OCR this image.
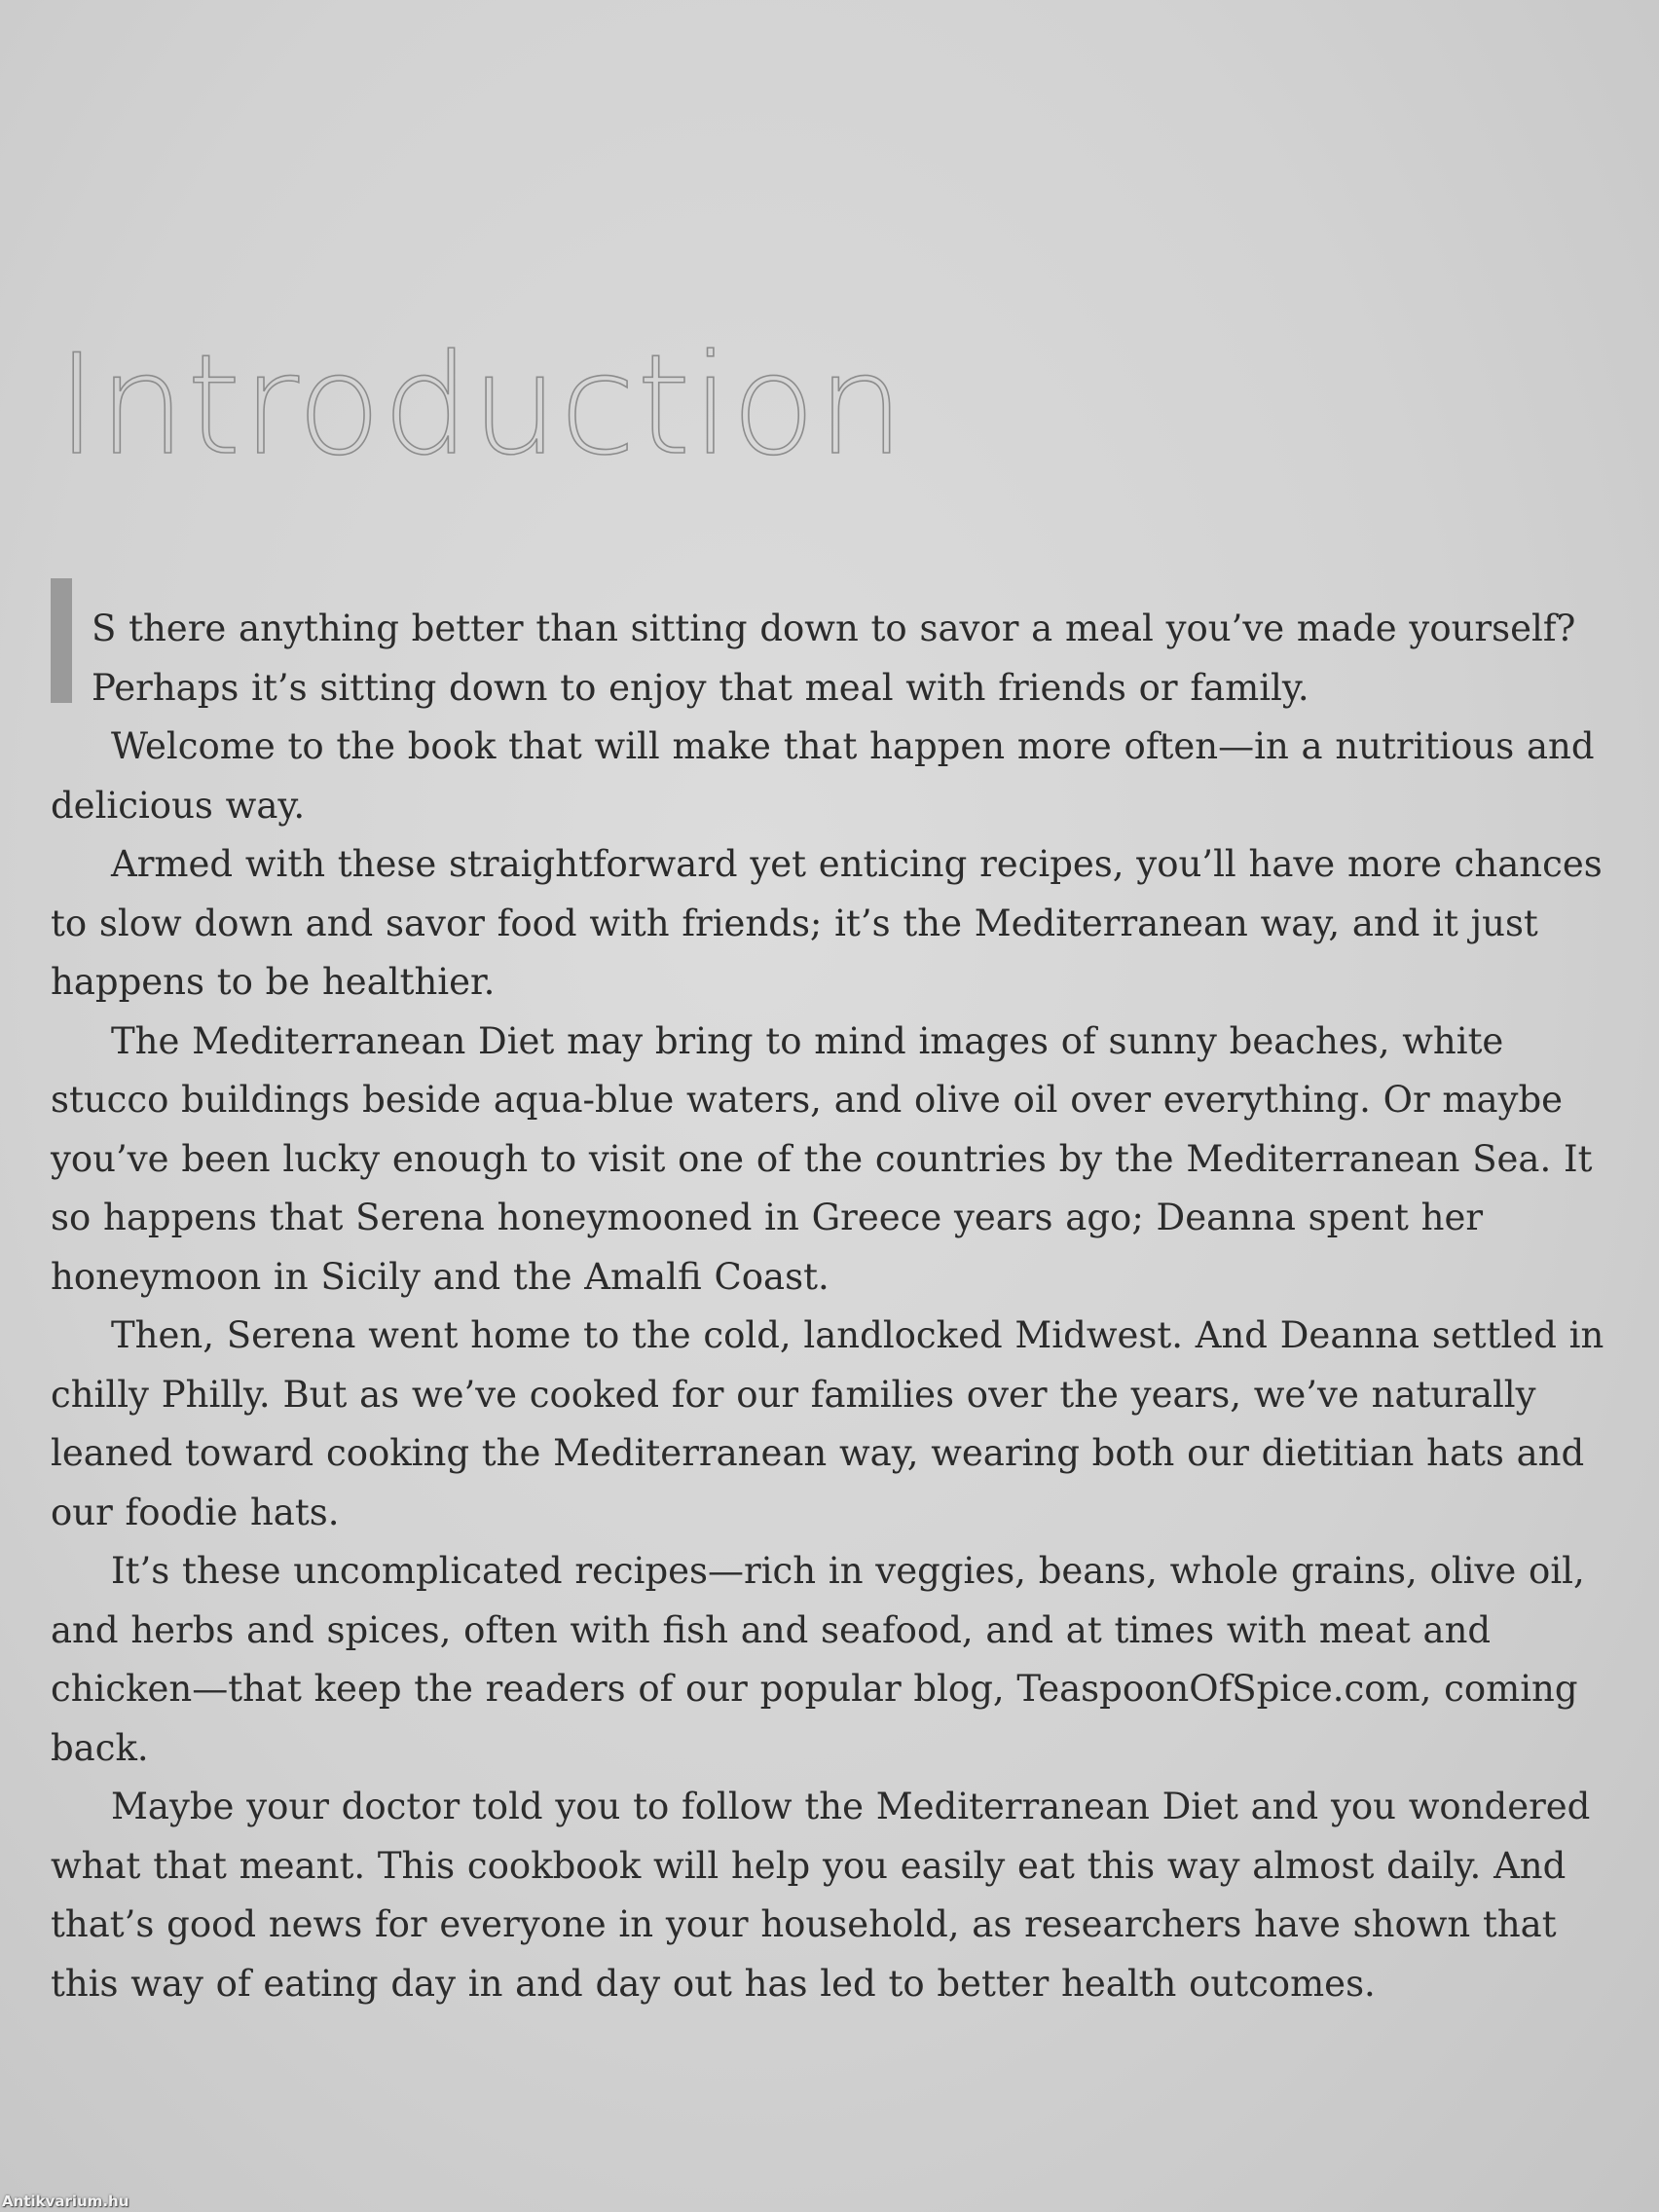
Introduction

S there anything better than sitting down to savor a meal you’ve made yourself? Perhaps it’s sitting down to enjoy that meal with friends or family.

Welcome to the book that will make that happen more often—in a nutritious and delicious way.

Armed with these straightforward yet enticing recipes, you’ll have more chances to slow down and savor food with friends; it’s the Mediterranean way, and it just happens to be healthier.

The Mediterranean Diet may bring to mind images of sunny beaches, white stucco buildings beside aqua-blue waters, and olive oil over everything. Or maybe you’ve been lucky enough to visit one of the countries by the Mediterranean Sea. It so happens that Serena honeymooned in Greece years ago; Deanna spent her honeymoon in Sicily and the Amalfi Coast.

Then, Serena went home to the cold, landlocked Midwest. And Deanna settled in chilly Philly. But as we’ve cooked for our families over the years, we’ve naturally leaned toward cooking the Mediterranean way, wearing both our dietitian hats and our foodie hats.

It’s these uncomplicated recipes—rich in veggies, beans, whole grains, olive oil, and herbs and spices, often with fish and seafood, and at times with meat and chicken—that keep the readers of our popular blog, TeaspoonOfSpice.com, coming back.

Maybe your doctor told you to follow the Mediterranean Diet and you wondered what that meant. This cookbook will help you easily eat this way almost daily. And that’s good news for everyone in your household, as researchers have shown that this way of eating day in and day out has led to better health outcomes.

Antikvarium.hu
